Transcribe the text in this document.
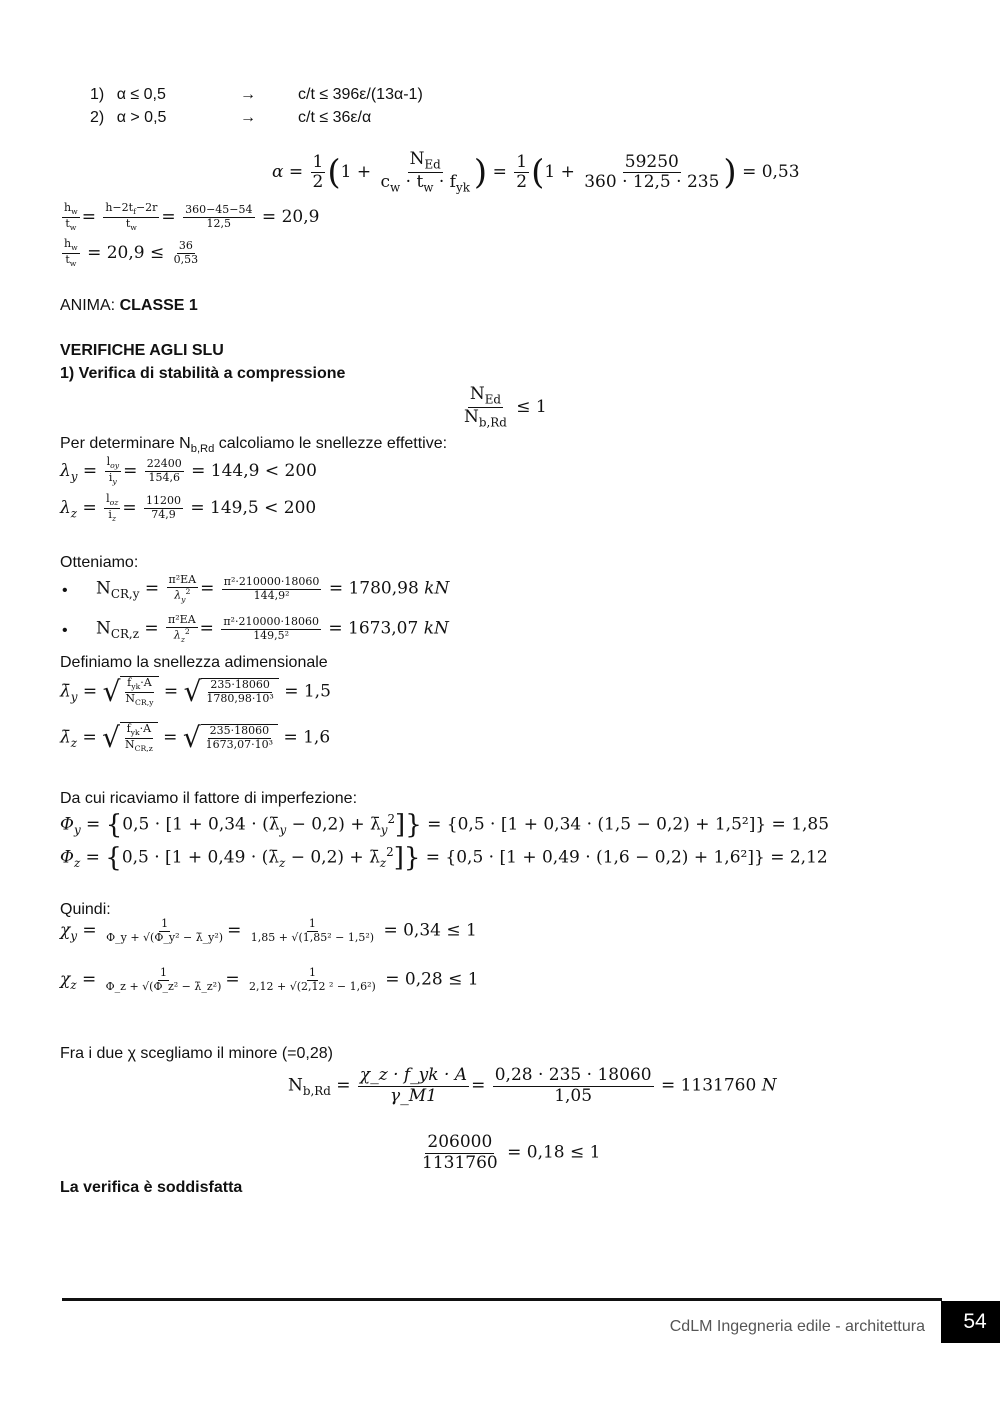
1) α ≤ 0,5	→	c/t ≤ 396ε/(13α-1)
2) α > 0,5	→	c/t ≤ 36ε/α
$\alpha = \frac{1}{2} (1 + \frac{N_{Ed}}{c_w \cdot t_w \cdot f_{yk}}$ ) = $\frac{1}{2} (1 + \frac{59250}{360 \cdot 12,5 \cdot 235}$ ) = 0,53
$\frac{h_w}{t_w} = \frac{h-2t_f-2r}{t_w} = \frac{360-45-54}{12,5} = 20,9$
$\frac{h_w}{t_w} = 20,9 \le \frac{36}{0,53}$
ANIMA: CLASSE 1
VERIFICHE AGLI SLU
1) Verifica di stabilità a compressione
$\frac{N_{Ed}}{N_{b,Rd}} \le 1$
Per determinare $N_{b,Rd}$ calcoliamo le snellezze effettive:
$\lambda_y = \frac{l_{oy}}{i_y} = \frac{22400}{154,6} = 144,9 < 200$
$\lambda_z = \frac{l_{oz}}{i_z} = \frac{11200}{74,9} = 149,5 < 200$
Otteniamo:
• $N_{CR,y} = \frac{\text{π²EA}}{\lambda_y^2} = \frac{\text{π²·210000·18060}}{\text{144,9²}} = 1780,98$ kN
• $N_{CR,z} = \frac{\text{π²EA}}{\lambda_z^2} = \frac{\text{π²·210000·18060}}{\text{149,5²}} = 1673,07$ kN
Definiamo la snellezza adimensionale
$\lambdā_y$ = √ $\frac{f_{yk}\cdot A}{N_{CR,y}}$ = √ $\frac{235\cdot 18060}{\text{1780,98·10³}} = 1,5$
$\lambdā_z$ = √ $\frac{f_{yk}\cdot A}{N_{CR,z}}$ = √ $\frac{235\cdot 18060}{\text{1673,07·10³}} = 1,6$
Da cui ricaviamo il fattore di imperfezione:
$\Phi_y = \{0,5 \cdot [1 + 0,34$ · $(\lambdā_y - 0,2)$ + $\lambdā_y^2]\} = \{0,5 \cdot [1 + 0,34 \cdot (1,5 - 0,2) + 1,5^2]\} = 1,85$
$\Phi_z = \{0,5 \cdot [1 + 0,49$ · $(\lambdā_z - 0,2)$ + $\lambdā_z^2]\} = \{0,5 \cdot [1 + 0,49 \cdot (1,6 - 0,2) + 1,6^2]\} = 2,12$
Quindi:
$\chi_y = \frac{1}{\text{Φ\_y + √(Φ\_y² − λ̄\_y²)}} = \frac{1}{\text{1,85 + √(1,85² − 1,5²)}} = 0,34 \le 1$
$\chi_z = \frac{1}{\text{Φ\_z + √(Φ\_z² − λ̄\_z²)}} = \frac{1}{\text{2,12 + √(2,12 ² − 1,6²)}} = 0,28 \le 1$
Fra i due χ scegliamo il minore (=0,28)
$N_{b,Rd} = \frac{\chi\_z \cdot f\_yk \cdot A}{\gamma\_M1} = \frac{0,28 \cdot 235 \cdot 18060}{1,05} = 1131760$ N
$\frac{206000}{1131760} = 0,18 \le 1$
La verifica è soddisfatta
CdLM Ingegneria edile - architettura	54
